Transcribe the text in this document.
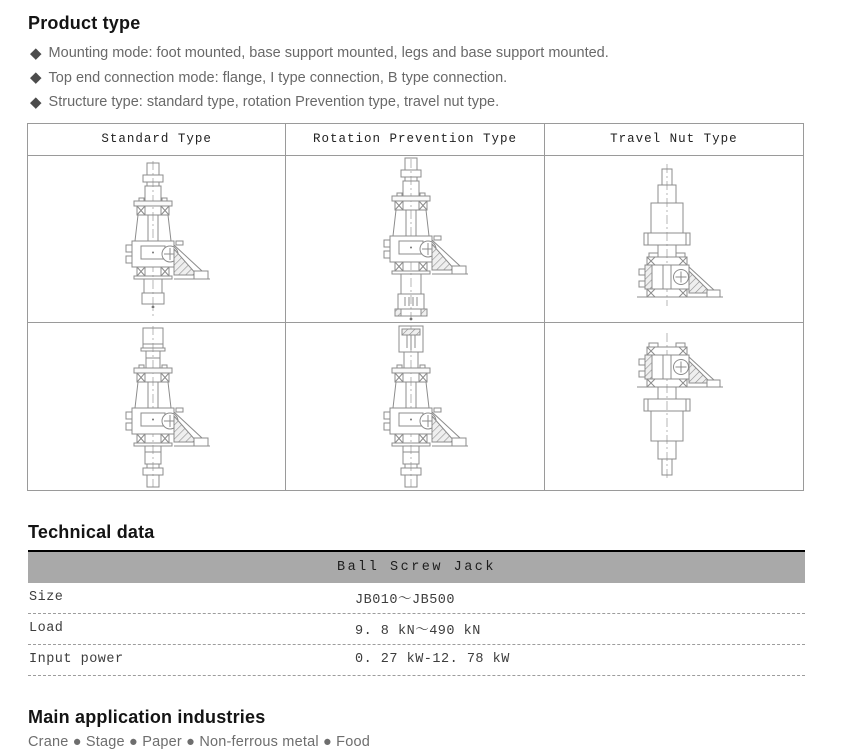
Product type
◆ Mounting mode: foot mounted, base support mounted, legs and base support mounted.
◆ Top end connection mode: flange, I type connection, B type connection.
◆ Structure type: standard type, rotation Prevention type, travel nut type.
Standard Type	Rotation Prevention Type	Travel Nut Type
Technical data
Ball Screw Jack
Size	JB010～JB500
Load	9. 8 kN～490 kN
Input power	0. 27 kW-12. 78 kW
Main application industries
Crane ● Stage ● Paper ● Non-ferrous metal ● Food
